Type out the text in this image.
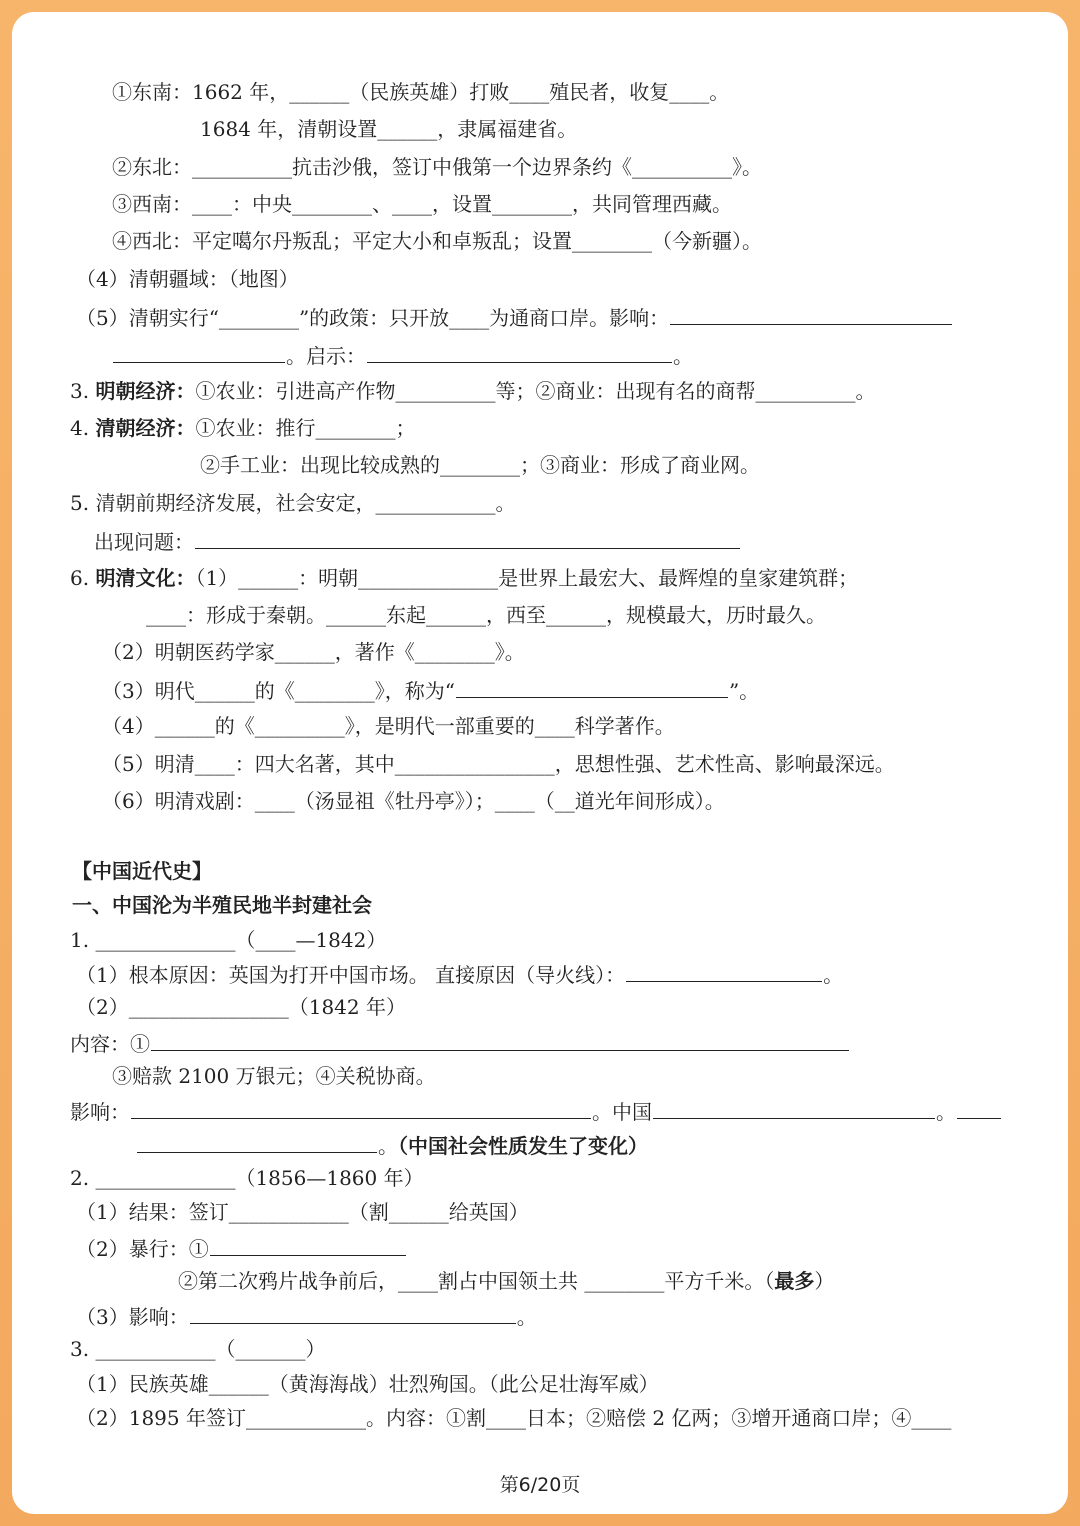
①东南：1662 年，______（民族英雄）打败____殖民者，收复____。
1684 年，清朝设置______，隶属福建省。
②东北：__________抗击沙俄，签订中俄第一个边界条约《__________》。
③西南：____：中央________、____，设置________，共同管理西藏。
④西北：平定噶尔丹叛乱；平定大小和卓叛乱；设置________（今新疆）。
（4）清朝疆域：（地图）
（5）清朝实行“________”的政策：只开放____为通商口岸。影响：
。启示：	。
3. 明朝经济：①农业：引进高产作物__________等；②商业：出现有名的商帮__________。
4. 清朝经济：①农业：推行________；
②手工业：出现比较成熟的________；③商业：形成了商业网。
5. 清朝前期经济发展，社会安定，____________。
出现问题：
6. 明清文化：（1）______：明朝______________是世界上最宏大、最辉煌的皇家建筑群；
____：形成于秦朝。______东起______，西至______，规模最大，历时最久。
（2）明朝医药学家______，著作《________》。
（3）明代______的《________》，称为“	”。
（4）______的《_________》，是明代一部重要的____科学著作。
（5）明清____：四大名著，其中________________，思想性强、艺术性高、影响最深远。
（6）明清戏剧：____（汤显祖《牡丹亭》）；____（__道光年间形成）。
【中国近代史】
一、中国沦为半殖民地半封建社会
1. ______________（____—1842）
（1）根本原因：英国为打开中国市场。 直接原因（导火线）：	。
（2）________________（1842 年）
内容：①
③赔款 2100 万银元；④关税协商。
影响：	。中国	。
。（中国社会性质发生了变化）
2. ______________（1856—1860 年）
（1）结果：签订____________（割______给英国）
（2）暴行：①
②第二次鸦片战争前后，____割占中国领土共 ________平方千米。（最多）
（3）影响：	。
3. ____________（_______）
（1）民族英雄______（黄海海战）壮烈殉国。（此公足壮海军威）
（2）1895 年签订____________。内容：①割____日本；②赔偿 2 亿两；③增开通商口岸；④____
第6/20页
